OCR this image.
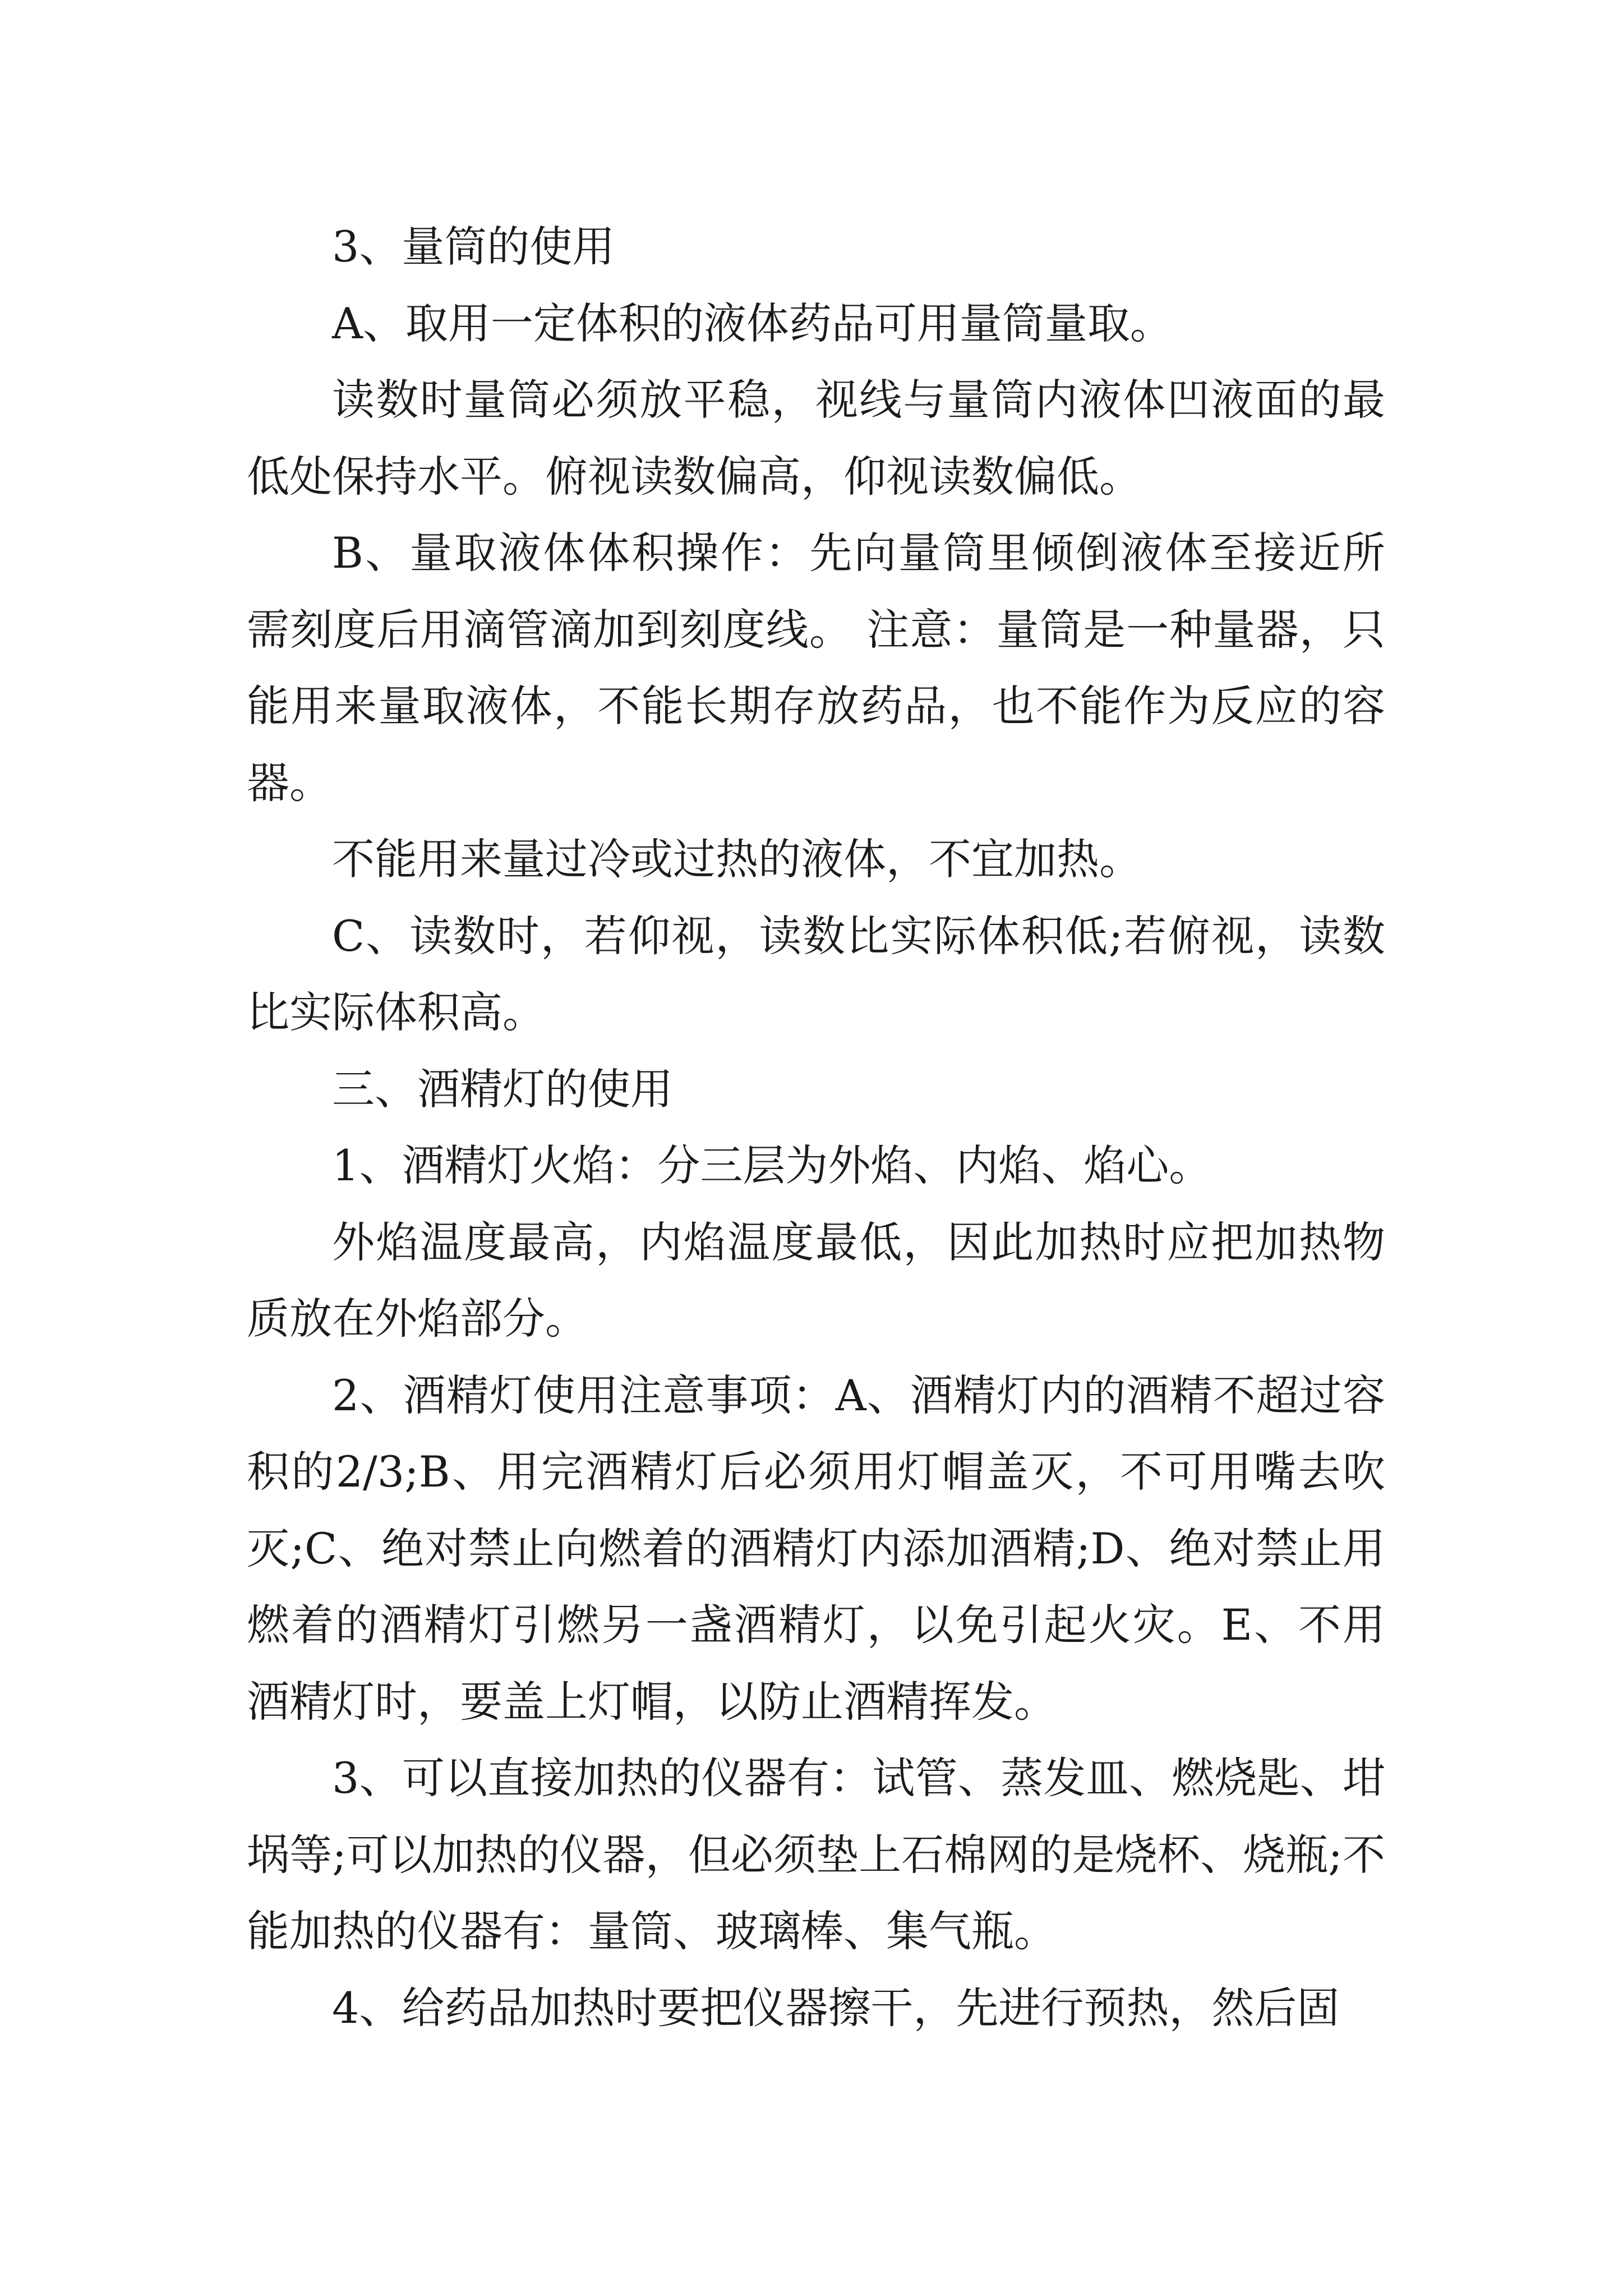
3、量筒的使用

A、取用一定体积的液体药品可用量筒量取。

读数时量筒必须放平稳，视线与量筒内液体凹液面的最低处保持水平。俯视读数偏高，仰视读数偏低。

B、量取液体体积操作：先向量筒里倾倒液体至接近所需刻度后用滴管滴加到刻度线。 注意：量筒是一种量器，只能用来量取液体，不能长期存放药品，也不能作为反应的容器。

不能用来量过冷或过热的液体，不宜加热。

C、读数时，若仰视，读数比实际体积低;若俯视，读数比实际体积高。

三、酒精灯的使用

1、酒精灯火焰：分三层为外焰、内焰、焰心。

外焰温度最高，内焰温度最低，因此加热时应把加热物质放在外焰部分。

2、酒精灯使用注意事项：A、酒精灯内的酒精不超过容积的2/3;B、用完酒精灯后必须用灯帽盖灭，不可用嘴去吹灭;C、绝对禁止向燃着的酒精灯内添加酒精;D、绝对禁止用燃着的酒精灯引燃另一盏酒精灯，以免引起火灾。E、不用酒精灯时，要盖上灯帽，以防止酒精挥发。

3、可以直接加热的仪器有：试管、蒸发皿、燃烧匙、坩埚等;可以加热的仪器，但必须垫上石棉网的是烧杯、烧瓶;不能加热的仪器有：量筒、玻璃棒、集气瓶。

4、给药品加热时要把仪器擦干，先进行预热，然后固
